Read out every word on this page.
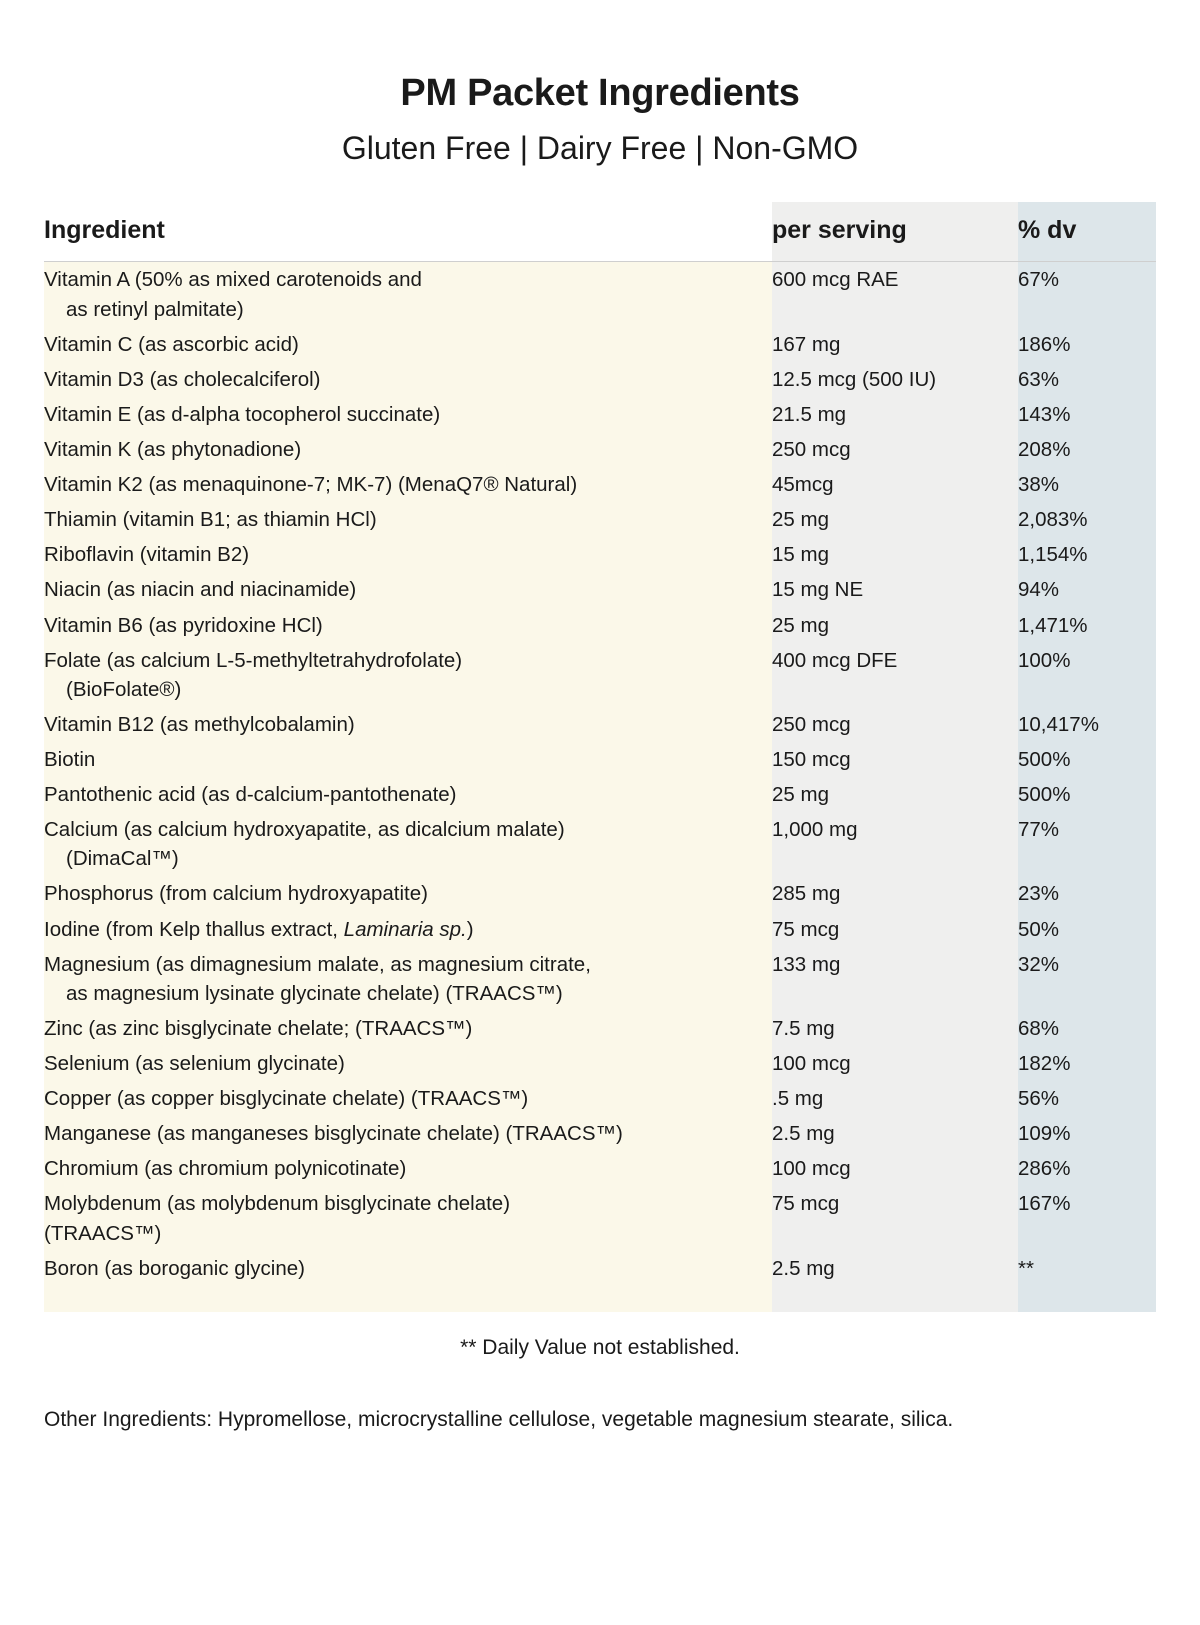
PM Packet Ingredients
Gluten Free | Dairy Free | Non-GMO
Ingredient	per serving	% dv
Vitamin A (50% as mixed carotenoids and
as retinyl palmitate)	600 mcg RAE	67%
Vitamin C (as ascorbic acid)	167 mg	186%
Vitamin D3 (as cholecalciferol)	12.5 mcg (500 IU)	63%
Vitamin E (as d-alpha tocopherol succinate)	21.5 mg	143%
Vitamin K (as phytonadione)	250 mcg	208%
Vitamin K2 (as menaquinone-7; MK-7) (MenaQ7® Natural)	45mcg	38%
Thiamin (vitamin B1; as thiamin HCl)	25 mg	2,083%
Riboflavin (vitamin B2)	15 mg	1,154%
Niacin (as niacin and niacinamide)	15 mg NE	94%
Vitamin B6 (as pyridoxine HCl)	25 mg	1,471%
Folate (as calcium L-5-methyltetrahydrofolate)
(BioFolate®)	400 mcg DFE	100%
Vitamin B12 (as methylcobalamin)	250 mcg	10,417%
Biotin	150 mcg	500%
Pantothenic acid (as d-calcium-pantothenate)	25 mg	500%
Calcium (as calcium hydroxyapatite, as dicalcium malate)
(DimaCal™)	1,000 mg	77%
Phosphorus (from calcium hydroxyapatite)	285 mg	23%
Iodine (from Kelp thallus extract, Laminaria sp.)	75 mcg	50%
Magnesium (as dimagnesium malate, as magnesium citrate,
as magnesium lysinate glycinate chelate) (TRAACS™)	133 mg	32%
Zinc (as zinc bisglycinate chelate; (TRAACS™)	7.5 mg	68%
Selenium (as selenium glycinate)	100 mcg	182%
Copper (as copper bisglycinate chelate) (TRAACS™)	.5 mg	56%
Manganese (as manganeses bisglycinate chelate) (TRAACS™)	2.5 mg	109%
Chromium (as chromium polynicotinate)	100 mcg	286%
Molybdenum (as molybdenum bisglycinate chelate)
(TRAACS™)	75 mcg	167%
Boron (as boroganic glycine)	2.5 mg	**

** Daily Value not established.
Other Ingredients: Hypromellose, microcrystalline cellulose, vegetable magnesium stearate, silica.
